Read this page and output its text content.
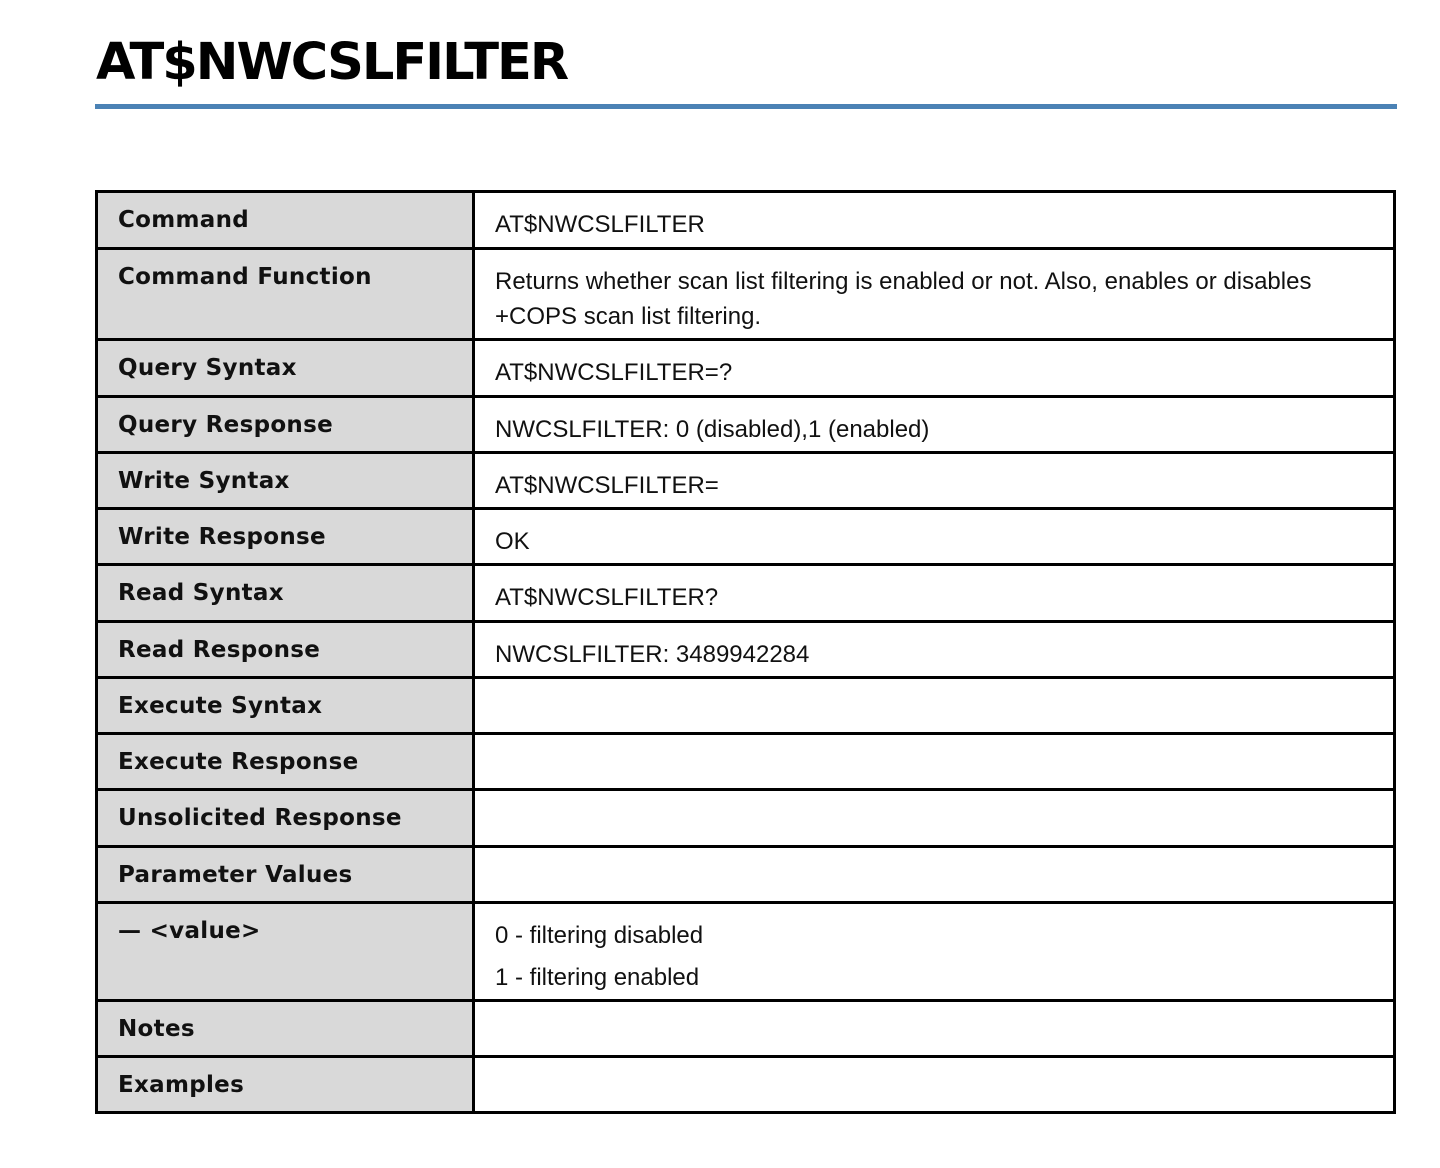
AT$NWCSLFILTER
Command	AT$NWCSLFILTER

Command Function	Returns whether scan list filtering is enabled or not. Also, enables or disables +COPS scan list filtering.

Query Syntax	AT$NWCSLFILTER=?

Query Response	NWCSLFILTER: 0 (disabled),1 (enabled)

Write Syntax	AT$NWCSLFILTER=

Write Response	OK

Read Syntax	AT$NWCSLFILTER?

Read Response	NWCSLFILTER: 3489942284

Execute Syntax	

Execute Response	

Unsolicited Response	

Parameter Values	

— <value>	0 - filtering disabled
1 - filtering enabled

Notes	

Examples	
